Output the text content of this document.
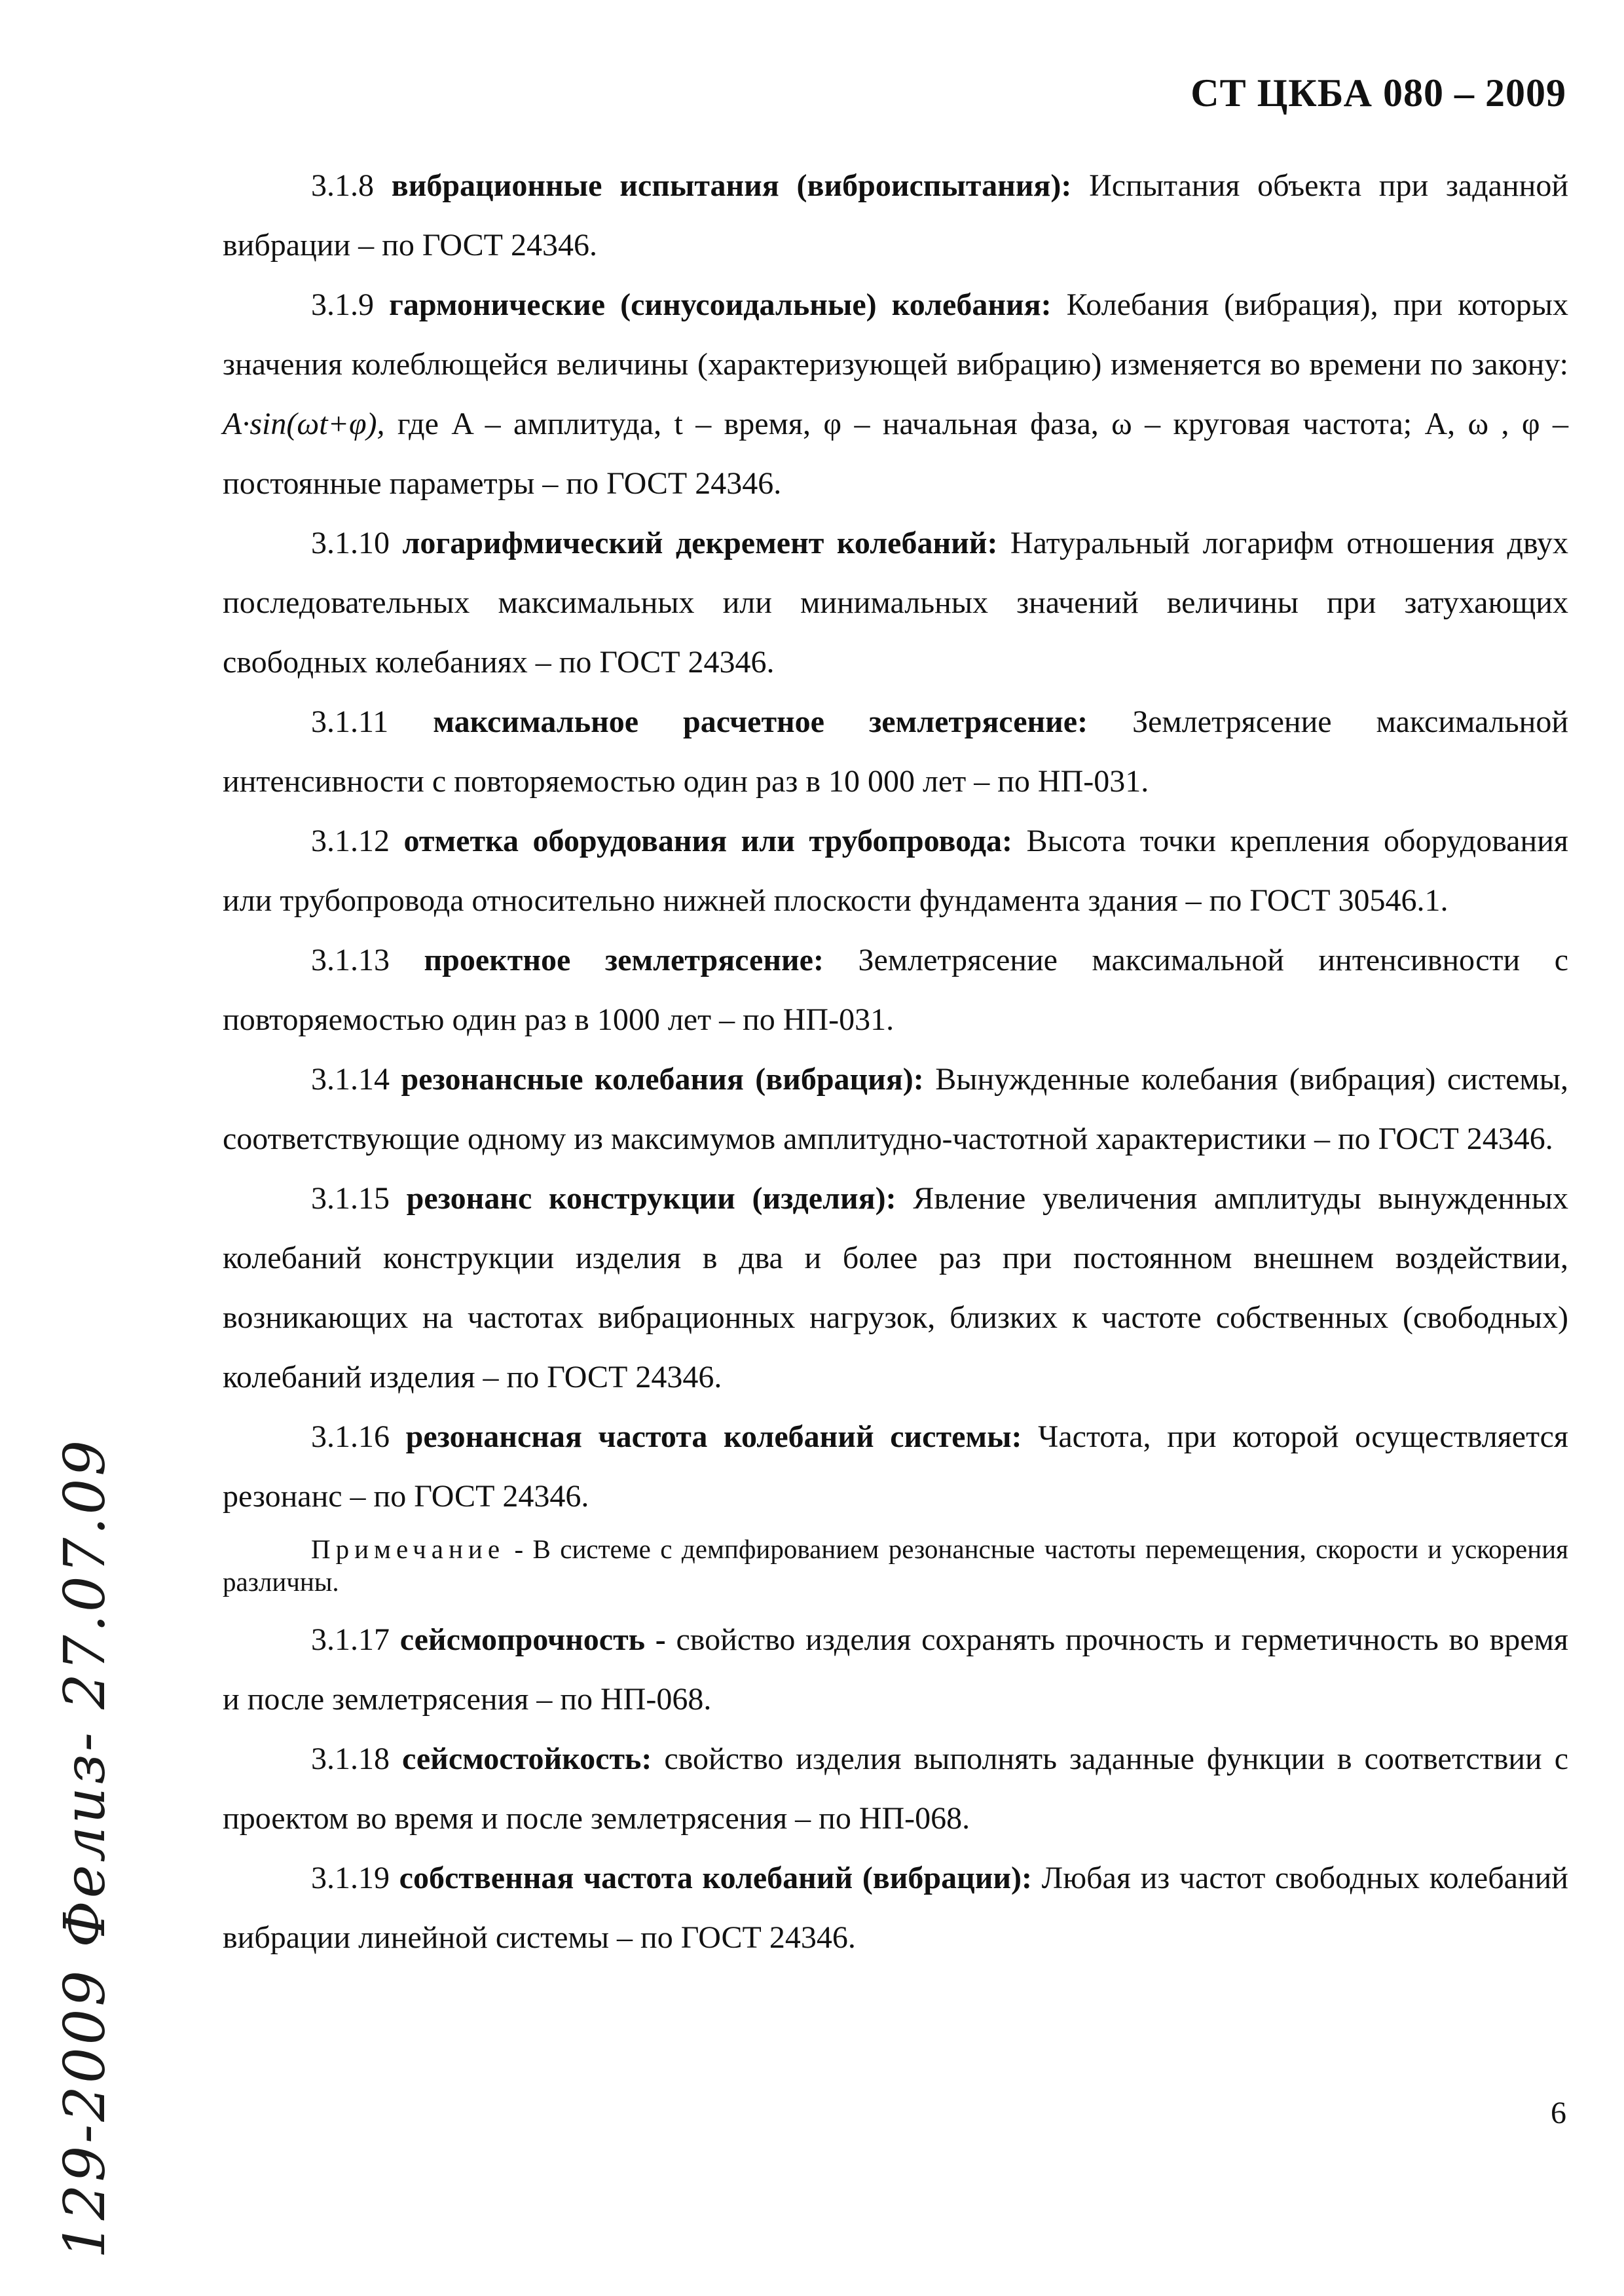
СТ ЦКБА 080 – 2009

3.1.8 вибрационные испытания (виброиспытания): Испытания объекта при заданной вибрации – по ГОСТ 24346.

3.1.9 гармонические (синусоидальные) колебания: Колебания (вибрация), при которых значения колеблющейся величины (характеризующей вибрацию) изменяется во времени по закону: A·sin(ωt+φ), где A – амплитуда, t – время, φ – начальная фаза, ω – круговая частота; A, ω , φ – постоянные параметры – по ГОСТ 24346.

3.1.10 логарифмический декремент колебаний: Натуральный логарифм отношения двух последовательных максимальных или минимальных значений величины при затухающих свободных колебаниях – по ГОСТ 24346.

3.1.11 максимальное расчетное землетрясение: Землетрясение максимальной интенсивности с повторяемостью один раз в 10 000 лет – по НП-031.

3.1.12 отметка оборудования или трубопровода: Высота точки крепления оборудования или трубопровода относительно нижней плоскости фундамента здания – по ГОСТ 30546.1.

3.1.13 проектное землетрясение: Землетрясение максимальной интенсивности с повторяемостью один раз в 1000 лет – по НП-031.

3.1.14 резонансные колебания (вибрация): Вынужденные колебания (вибрация) системы, соответствующие одному из максимумов амплитудно-частотной характеристики – по ГОСТ 24346.

3.1.15 резонанс конструкции (изделия): Явление увеличения амплитуды вынужденных колебаний конструкции изделия в два и более раз при постоянном внешнем воздействии, возникающих на частотах вибрационных нагрузок, близких к частоте собственных (свободных) колебаний изделия – по ГОСТ 24346.

3.1.16 резонансная частота колебаний системы: Частота, при которой осуществляется резонанс – по ГОСТ 24346.

Примечание - В системе с демпфированием резонансные частоты перемещения, скорости и ускорения различны.

3.1.17 сейсмопрочность - свойство изделия сохранять прочность и герметичность во время и после землетрясения – по НП-068.

3.1.18 сейсмостойкость: свойство изделия выполнять заданные функции в соответствии с проектом во время и после землетрясения – по НП-068.

3.1.19 собственная частота колебаний (вибрации): Любая из частот свободных колебаний вибрации линейной системы – по ГОСТ 24346.

129-2009 Фелиз- 27.07.09	6
